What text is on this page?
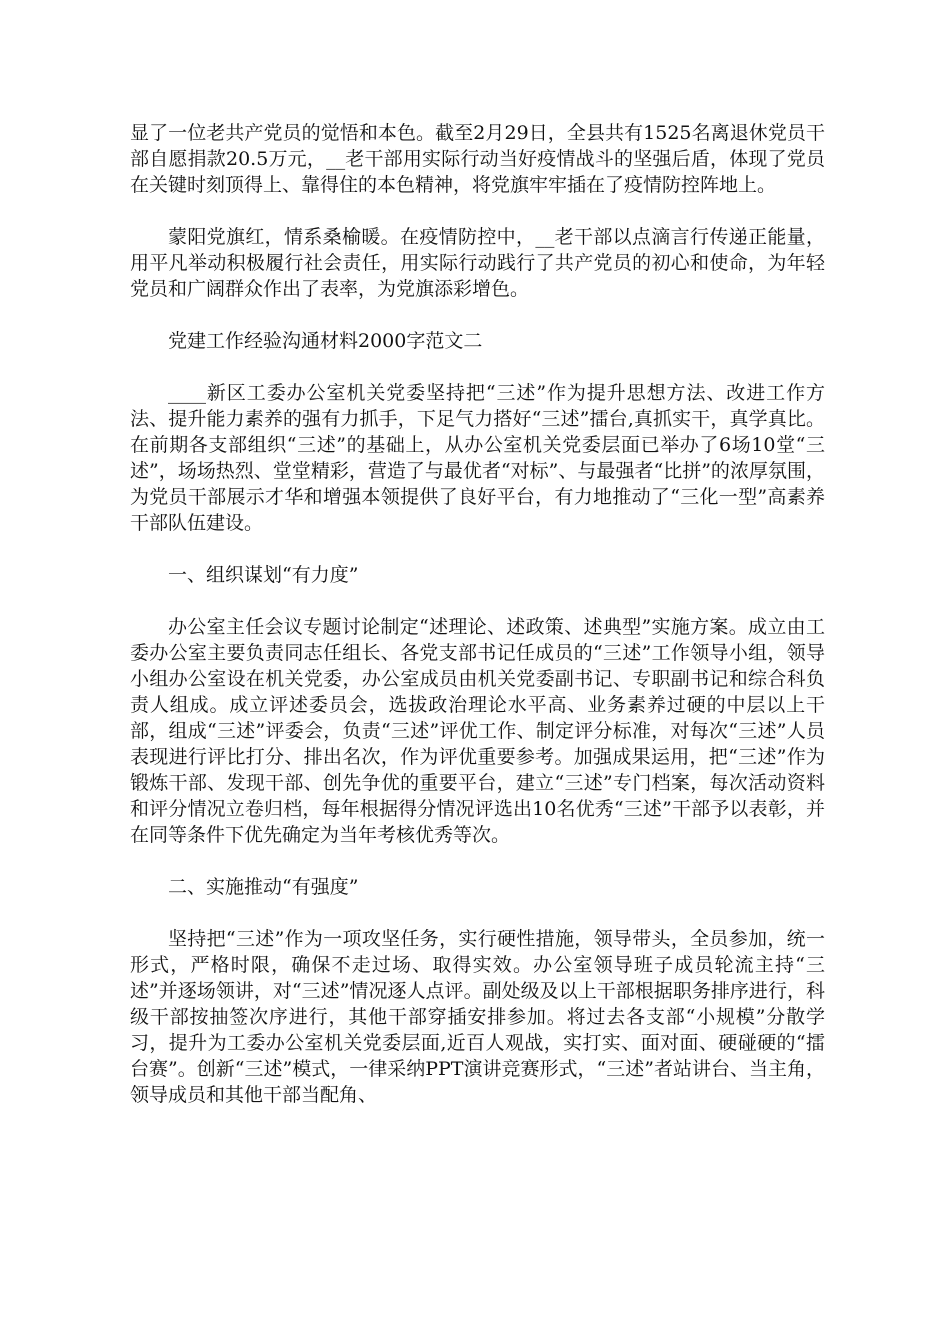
显了一位老共产党员的觉悟和本色。截至2月29日，全县共有1525名离退休党员干部自愿捐款20.5万元，__老干部用实际行动当好疫情战斗的坚强后盾，体现了党员在关键时刻顶得上、靠得住的本色精神，将党旗牢牢插在了疫情防控阵地上。

蒙阳党旗红，情系桑榆暖。在疫情防控中，__老干部以点滴言行传递正能量，用平凡举动积极履行社会责任，用实际行动践行了共产党员的初心和使命，为年轻党员和广阔群众作出了表率，为党旗添彩增色。

党建工作经验沟通材料2000字范文二

____新区工委办公室机关党委坚持把“三述”作为提升思想方法、改进工作方法、提升能力素养的强有力抓手，下足气力搭好“三述”擂台,真抓实干，真学真比。在前期各支部组织“三述”的基础上，从办公室机关党委层面已举办了6场10堂“三述”，场场热烈、堂堂精彩，营造了与最优者“对标”、与最强者“比拼”的浓厚氛围，为党员干部展示才华和增强本领提供了良好平台，有力地推动了“三化一型”高素养干部队伍建设。

一、组织谋划“有力度”

办公室主任会议专题讨论制定“述理论、述政策、述典型”实施方案。成立由工委办公室主要负责同志任组长、各党支部书记任成员的“三述”工作领导小组，领导小组办公室设在机关党委，办公室成员由机关党委副书记、专职副书记和综合科负责人组成。成立评述委员会，选拔政治理论水平高、业务素养过硬的中层以上干部，组成“三述”评委会，负责“三述”评优工作、制定评分标准，对每次“三述”人员表现进行评比打分、排出名次，作为评优重要参考。加强成果运用，把“三述”作为锻炼干部、发现干部、创先争优的重要平台，建立“三述”专门档案，每次活动资料和评分情况立卷归档，每年根据得分情况评选出10名优秀“三述”干部予以表彰，并在同等条件下优先确定为当年考核优秀等次。

二、实施推动“有强度”

坚持把“三述”作为一项攻坚任务，实行硬性措施，领导带头，全员参加，统一形式，严格时限，确保不走过场、取得实效。办公室领导班子成员轮流主持“三述”并逐场领讲，对“三述”情况逐人点评。副处级及以上干部根据职务排序进行，科级干部按抽签次序进行，其他干部穿插安排参加。将过去各支部“小规模”分散学习，提升为工委办公室机关党委层面,近百人观战，实打实、面对面、硬碰硬的“擂台赛”。创新“三述”模式，一律采纳PPT演讲竞赛形式，“三述”者站讲台、当主角，领导成员和其他干部当配角、
